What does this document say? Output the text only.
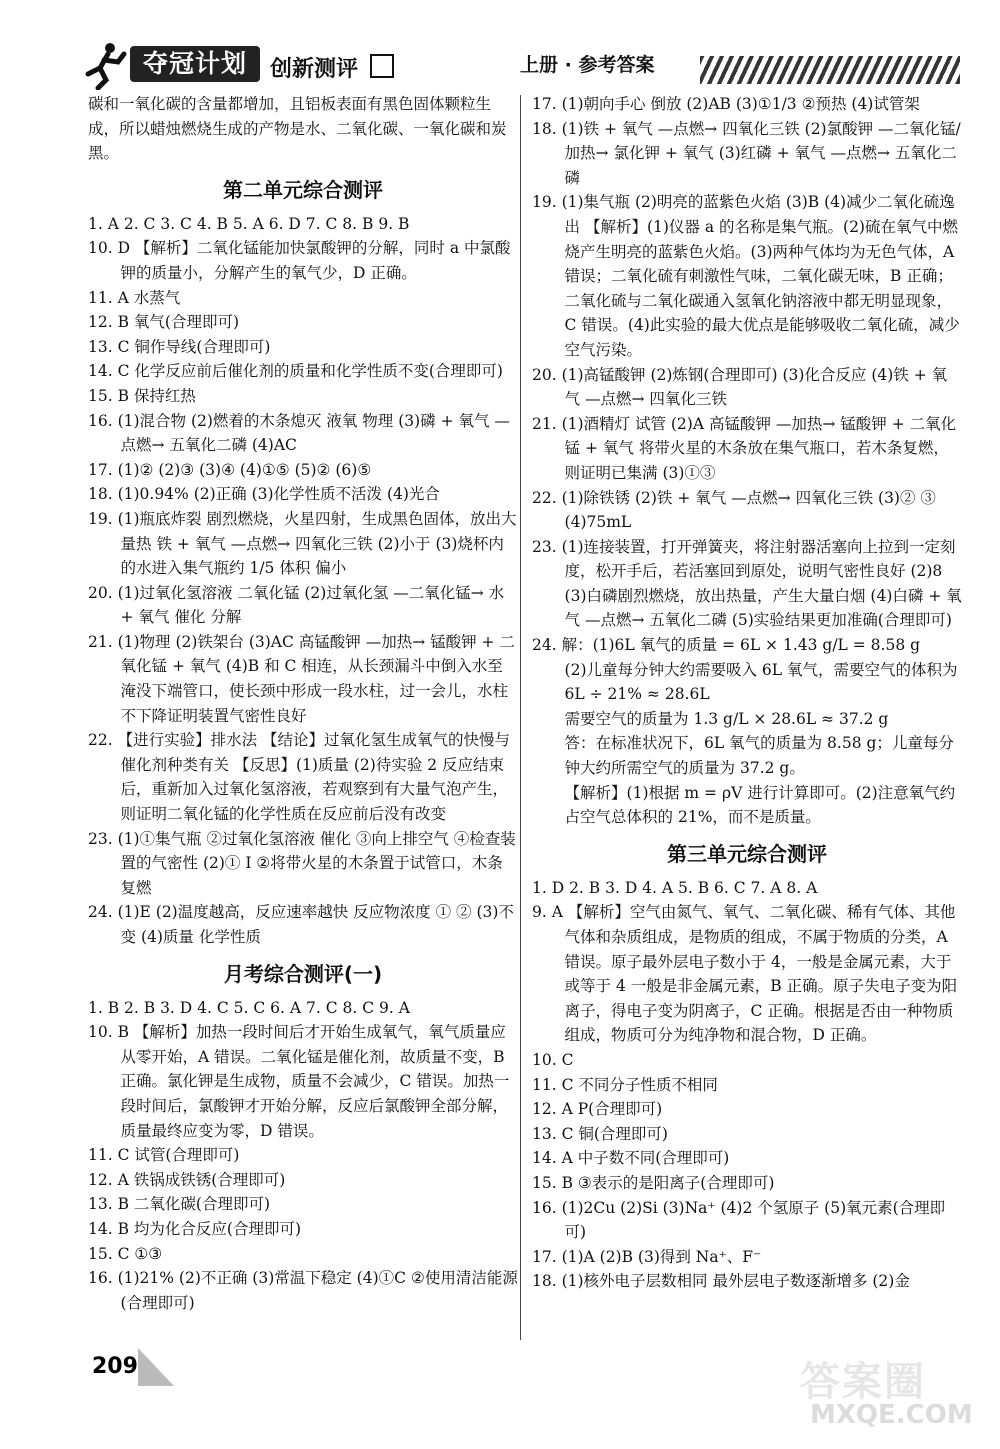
夺冠计划	创新测评	上册 · 参考答案

碳和一氧化碳的含量都增加，且铝板表面有黑色固体颗粒生成，所以蜡烛燃烧生成的产物是水、二氧化碳、一氧化碳和炭黑。

第二单元综合测评

1. A 2. C 3. C 4. B 5. A 6. D 7. C 8. B 9. B

10. D 【解析】二氧化锰能加快氯酸钾的分解，同时 a 中氯酸钾的质量小，分解产生的氧气少，D 正确。

11. A 水蒸气

12. B 氧气(合理即可)

13. C 铜作导线(合理即可)

14. C 化学反应前后催化剂的质量和化学性质不变(合理即可)

15. B 保持红热

16. (1)混合物 (2)燃着的木条熄灭 液氧 物理 (3)磷 + 氧气 —点燃→ 五氧化二磷 (4)AC

17. (1)② (2)③ (3)④ (4)①⑤ (5)② (6)⑤

18. (1)0.94% (2)正确 (3)化学性质不活泼 (4)光合

19. (1)瓶底炸裂 剧烈燃烧，火星四射，生成黑色固体，放出大量热 铁 + 氧气 —点燃→ 四氧化三铁 (2)小于 (3)烧杯内的水进入集气瓶约 1/5 体积 偏小

20. (1)过氧化氢溶液 二氧化锰 (2)过氧化氢 —二氧化锰→ 水 + 氧气 催化 分解

21. (1)物理 (2)铁架台 (3)AC 高锰酸钾 —加热→ 锰酸钾 + 二氧化锰 + 氧气 (4)B 和 C 相连，从长颈漏斗中倒入水至淹没下端管口，使长颈中形成一段水柱，过一会儿，水柱不下降证明装置气密性良好

22. 【进行实验】排水法 【结论】过氧化氢生成氧气的快慢与催化剂种类有关 【反思】(1)质量 (2)待实验 2 反应结束后，重新加入过氧化氢溶液，若观察到有大量气泡产生，则证明二氧化锰的化学性质在反应前后没有改变

23. (1)①集气瓶 ②过氧化氢溶液 催化 ③向上排空气 ④检查装置的气密性 (2)① Ⅰ ②将带火星的木条置于试管口，木条复燃

24. (1)E (2)温度越高，反应速率越快 反应物浓度 ① ② (3)不变 (4)质量 化学性质

月考综合测评(一)

1. B 2. B 3. D 4. C 5. C 6. A 7. C 8. C 9. A

10. B 【解析】加热一段时间后才开始生成氧气，氧气质量应从零开始，A 错误。二氧化锰是催化剂，故质量不变，B 正确。氯化钾是生成物，质量不会减少，C 错误。加热一段时间后，氯酸钾才开始分解，反应后氯酸钾全部分解，质量最终应变为零，D 错误。

11. C 试管(合理即可)

12. A 铁锅成铁锈(合理即可)

13. B 二氧化碳(合理即可)

14. B 均为化合反应(合理即可)

15. C ①③

16. (1)21% (2)不正确 (3)常温下稳定 (4)①C ②使用清洁能源(合理即可)

17. (1)朝向手心 倒放 (2)AB (3)①1/3 ②预热 (4)试管架

18. (1)铁 + 氧气 —点燃→ 四氧化三铁 (2)氯酸钾 —二氧化锰/加热→ 氯化钾 + 氧气 (3)红磷 + 氧气 —点燃→ 五氧化二磷

19. (1)集气瓶 (2)明亮的蓝紫色火焰 (3)B (4)减少二氧化硫逸出 【解析】(1)仪器 a 的名称是集气瓶。(2)硫在氧气中燃烧产生明亮的蓝紫色火焰。(3)两种气体均为无色气体，A 错误；二氧化硫有刺激性气味，二氧化碳无味，B 正确；二氧化硫与二氧化碳通入氢氧化钠溶液中都无明显现象，C 错误。(4)此实验的最大优点是能够吸收二氧化硫，减少空气污染。

20. (1)高锰酸钾 (2)炼钢(合理即可) (3)化合反应 (4)铁 + 氧气 —点燃→ 四氧化三铁

21. (1)酒精灯 试管 (2)A 高锰酸钾 —加热→ 锰酸钾 + 二氧化锰 + 氧气 将带火星的木条放在集气瓶口，若木条复燃，则证明已集满 (3)①③

22. (1)除铁锈 (2)铁 + 氧气 —点燃→ 四氧化三铁 (3)② ③ (4)75mL

23. (1)连接装置，打开弹簧夹，将注射器活塞向上拉到一定刻度，松开手后，若活塞回到原处，说明气密性良好 (2)8 (3)白磷剧烈燃烧，放出热量，产生大量白烟 (4)白磷 + 氧气 —点燃→ 五氧化二磷 (5)实验结果更加准确(合理即可)

24. 解：(1)6L 氧气的质量 = 6L × 1.43 g/L = 8.58 g

(2)儿童每分钟大约需要吸入 6L 氧气，需要空气的体积为 6L ÷ 21% ≈ 28.6L

需要空气的质量为 1.3 g/L × 28.6L ≈ 37.2 g

答：在标准状况下，6L 氧气的质量为 8.58 g；儿童每分钟大约所需空气的质量为 37.2 g。

【解析】(1)根据 m = ρV 进行计算即可。(2)注意氧气约占空气总体积的 21%，而不是质量。

第三单元综合测评

1. D 2. B 3. D 4. A 5. B 6. C 7. A 8. A

9. A 【解析】空气由氮气、氧气、二氧化碳、稀有气体、其他气体和杂质组成，是物质的组成，不属于物质的分类，A 错误。原子最外层电子数小于 4，一般是金属元素，大于或等于 4 一般是非金属元素，B 正确。原子失电子变为阳离子，得电子变为阴离子，C 正确。根据是否由一种物质组成，物质可分为纯净物和混合物，D 正确。

10. C

11. C 不同分子性质不相同

12. A P(合理即可)

13. C 铜(合理即可)

14. A 中子数不同(合理即可)

15. B ③表示的是阳离子(合理即可)

16. (1)2Cu (2)Si (3)Na⁺ (4)2 个氢原子 (5)氧元素(合理即可)

17. (1)A (2)B (3)得到 Na⁺、F⁻

18. (1)核外电子层数相同 最外层电子数逐渐增多 (2)金

209	答案圈
MXQE.COM
